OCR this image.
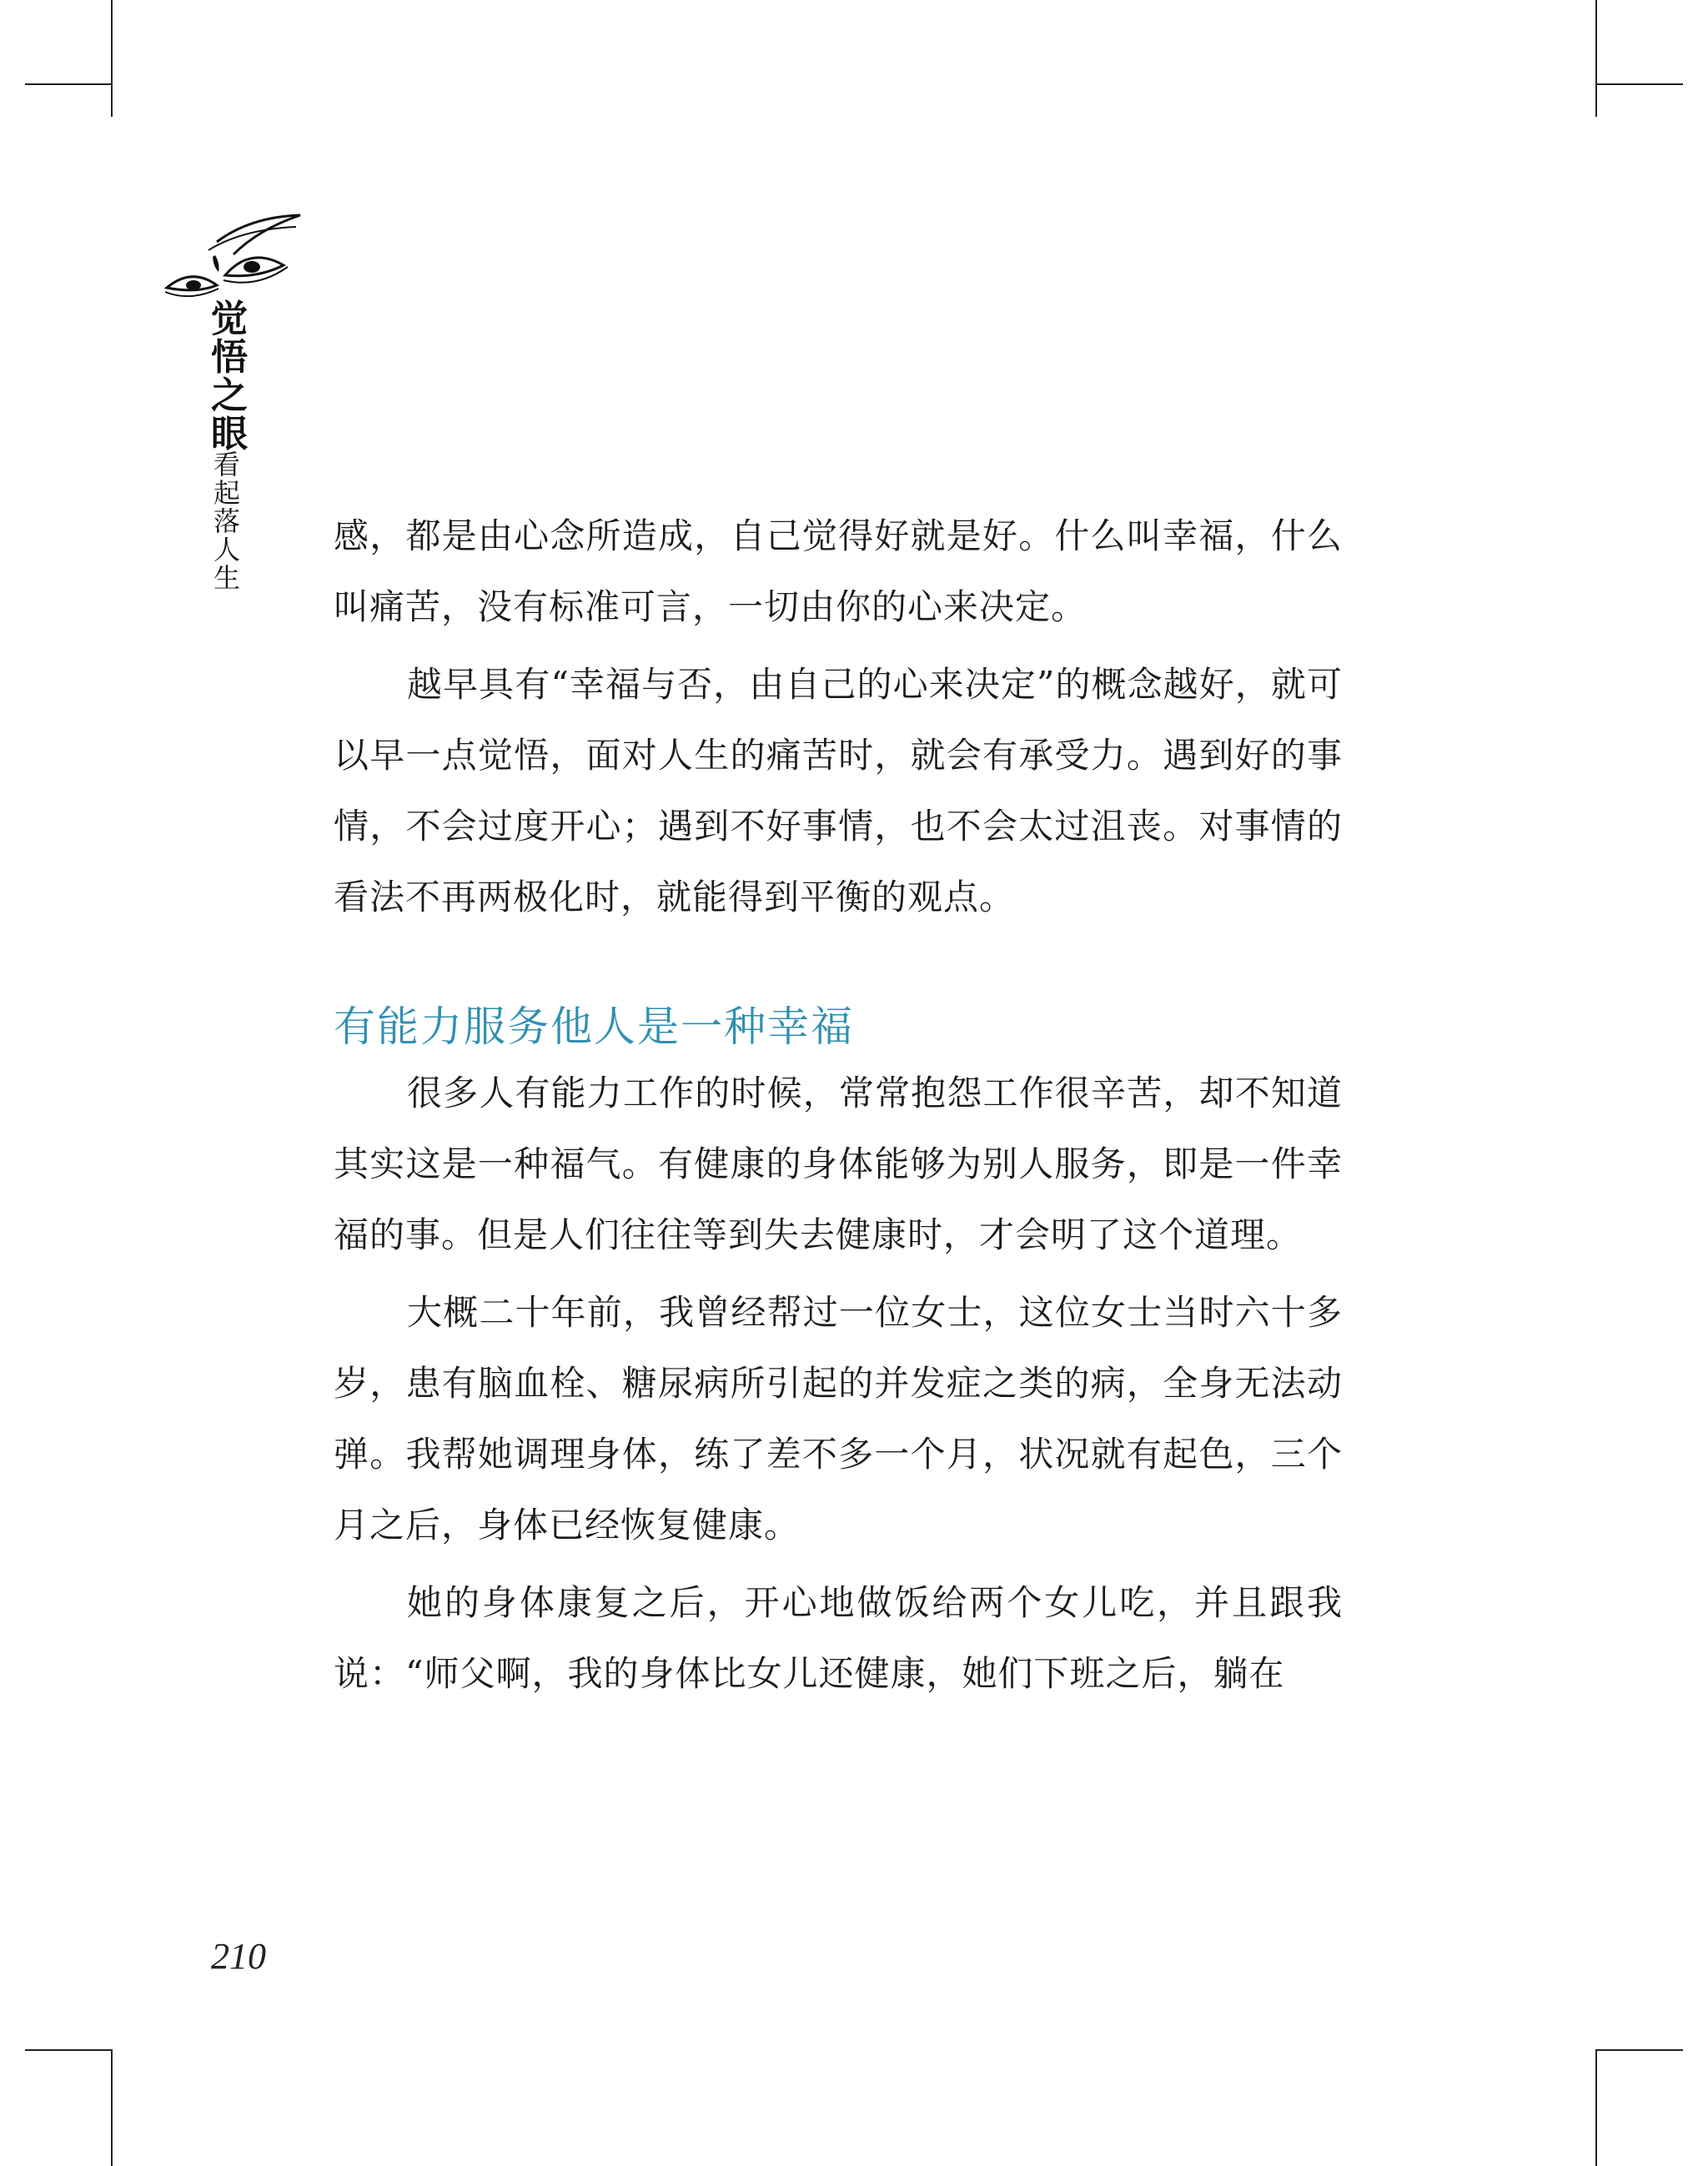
觉悟之眼
看起落人生

感，都是由心念所造成，自己觉得好就是好。什么叫幸福，什么叫痛苦，没有标准可言，一切由你的心来决定。

越早具有“幸福与否，由自己的心来决定”的概念越好，就可以早一点觉悟，面对人生的痛苦时，就会有承受力。遇到好的事情，不会过度开心；遇到不好事情，也不会太过沮丧。对事情的看法不再两极化时，就能得到平衡的观点。

有能力服务他人是一种幸福

很多人有能力工作的时候，常常抱怨工作很辛苦，却不知道其实这是一种福气。有健康的身体能够为别人服务，即是一件幸福的事。但是人们往往等到失去健康时，才会明了这个道理。

大概二十年前，我曾经帮过一位女士，这位女士当时六十多岁，患有脑血栓、糖尿病所引起的并发症之类的病，全身无法动弹。我帮她调理身体，练了差不多一个月，状况就有起色，三个月之后，身体已经恢复健康。

她的身体康复之后，开心地做饭给两个女儿吃，并且跟我说：“师父啊，我的身体比女儿还健康，她们下班之后，躺在

210
